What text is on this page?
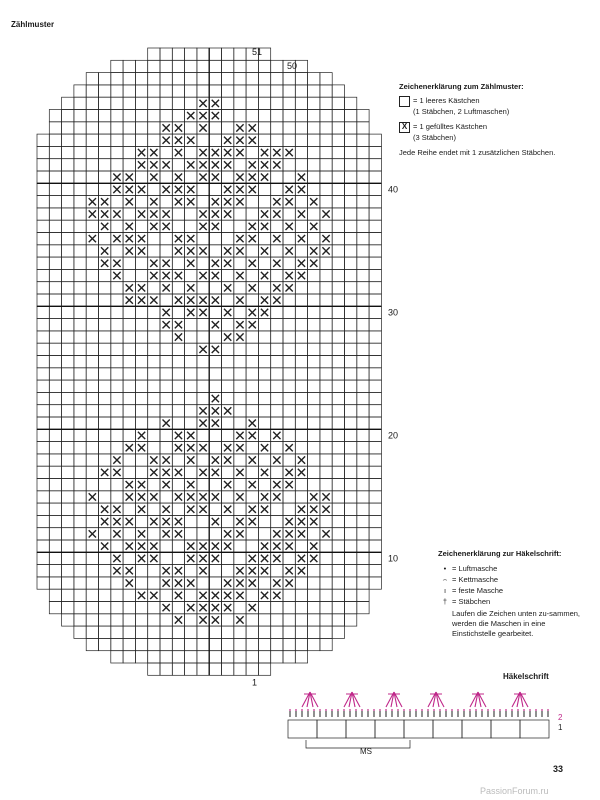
Zählmuster
51
50
40
30
20
10
1
Zeichenerklärung zum Zählmuster:
= 1 leeres Kästchen
(1 Stäbchen, 2 Luftmaschen)
X = 1 gefülltes Kästchen
(3 Stäbchen)
Jede Reihe endet mit 1 zusätzlichen Stäbchen.
Zeichenerklärung zur Häkelschrift:
• = Luftmasche
⌢ = Kettmasche
ı = feste Masche
† = Stäbchen
Laufen die Zeichen unten zu-sammen, werden die Maschen in eine Einstichstelle gearbeitet.
Häkelschrift
2
1
MS
33
PassionForum.ru
